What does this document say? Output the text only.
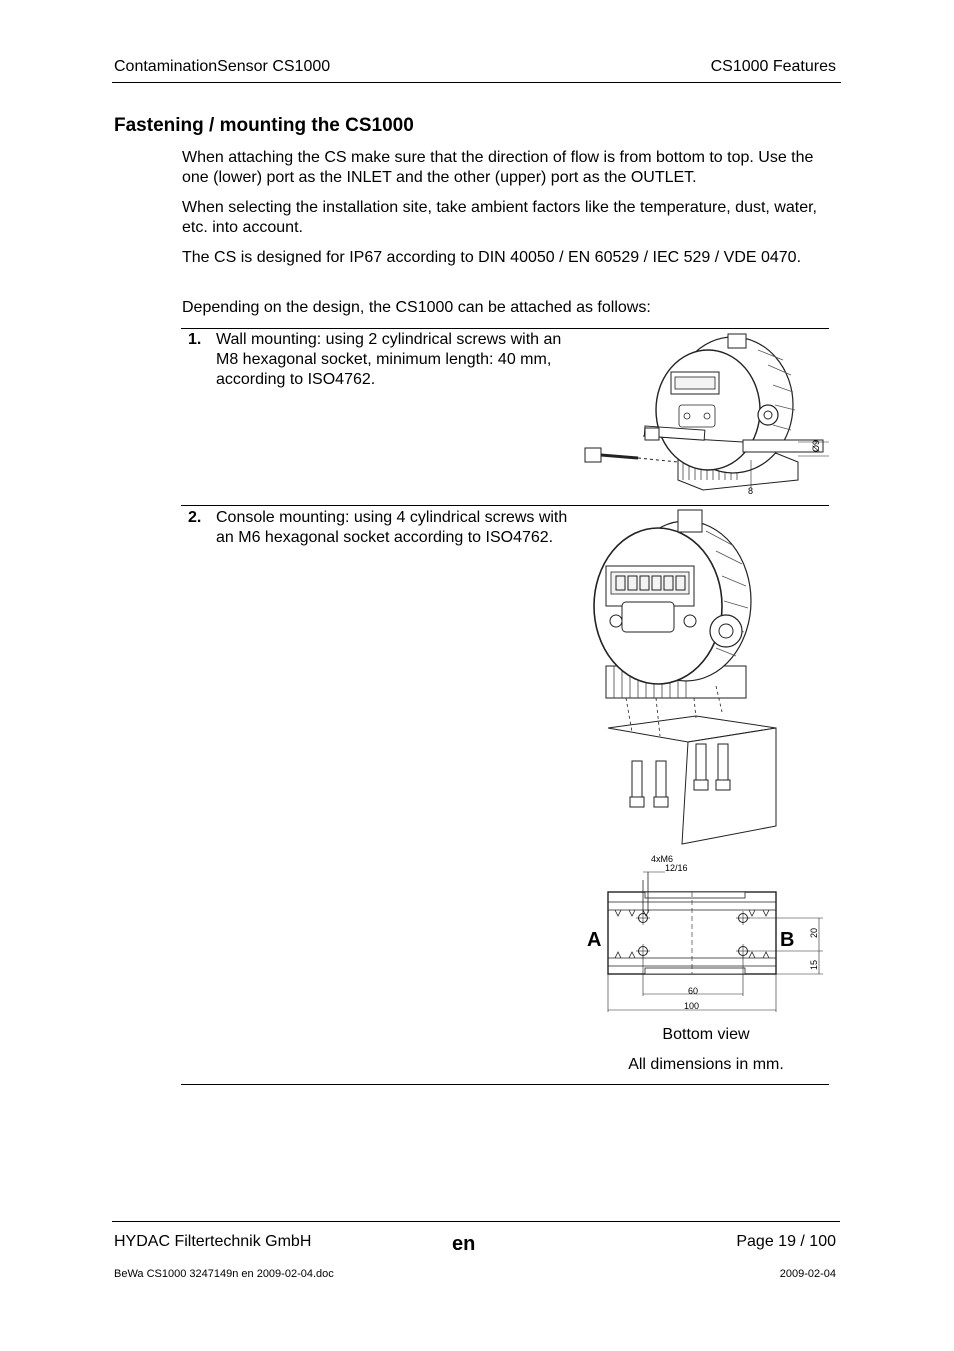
ContaminationSensor CS1000	CS1000 Features
Fastening / mounting the CS1000

When attaching the CS make sure that the direction of flow is from bottom to top. Use the one (lower) port as the INLET and the other (upper) port as the OUTLET.

When selecting the installation site, take ambient factors like the temperature, dust, water, etc. into account.

The CS is designed for IP67 according to DIN 40050 / EN 60529 / IEC 529 / VDE 0470.

Depending on the design, the CS1000 can be attached as follows:

1. Wall mounting: using 2 cylindrical screws with an M8 hexagonal socket, minimum length: 40 mm, according to ISO4762.
Ø9
8
2. Console mounting: using 4 cylindrical screws with an M6 hexagonal socket according to ISO4762.
4xM6
12/16
A	B 20
15
60
100
Bottom view
All dimensions in mm.
HYDAC Filtertechnik GmbH	en	Page 19 / 100
BeWa CS1000 3247149n en 2009-02-04.doc	2009-02-04
